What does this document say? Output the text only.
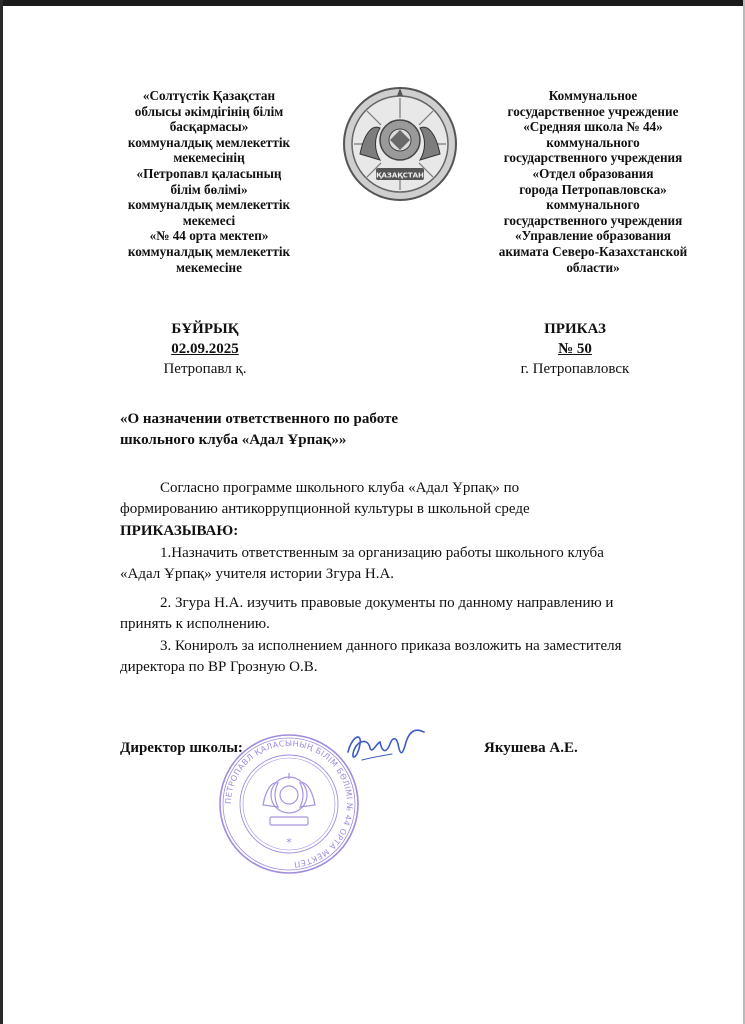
«Солтүстік Қазақстан
облысы әкімдігінің білім
басқармасы»
коммуналдық мемлекеттік
мекемесінің
«Петропавл қаласының
білім бөлімі»
коммуналдық мемлекеттік
мекемесі
«№ 44 орта мектеп»
коммуналдық мемлекеттік
мекемесіне
ҚАЗАҚСТАН
Коммунальное
государственное учреждение
«Средняя школа № 44»
коммунального
государственного учреждения
«Отдел образования
города Петропавловска»
коммунального
государственного учреждения
«Управление образования
акимата Северо-Казахстанской
области»
БҰЙРЫҚ	ПРИКАЗ
02.09.2025	№ 50
Петропавл қ.	г. Петропавловск
«О назначении ответственного по работе
школьного клуба «Адал Ұрпақ»»
Согласно программе школьного клуба «Адал Ұрпақ» по
формированию антикоррупционной культуры в школьной среде
ПРИКАЗЫВАЮ:
1.Назначить ответственным за организацию работы школьного клуба
«Адал Ұрпақ» учителя истории Згура Н.А.
2. Згура Н.А. изучить правовые документы по данному направлению и
принять к исполнению.
3. Кониролъ за исполнением данного приказа возложить на заместителя
директора по ВР Грозную О.В.
ПЕТРОПАВЛ ҚАЛАСЫНЫҢ БІЛІМ БӨЛІМІ № 44 ОРТА МЕКТЕП
*
Директор школы:	Якушева А.Е.
